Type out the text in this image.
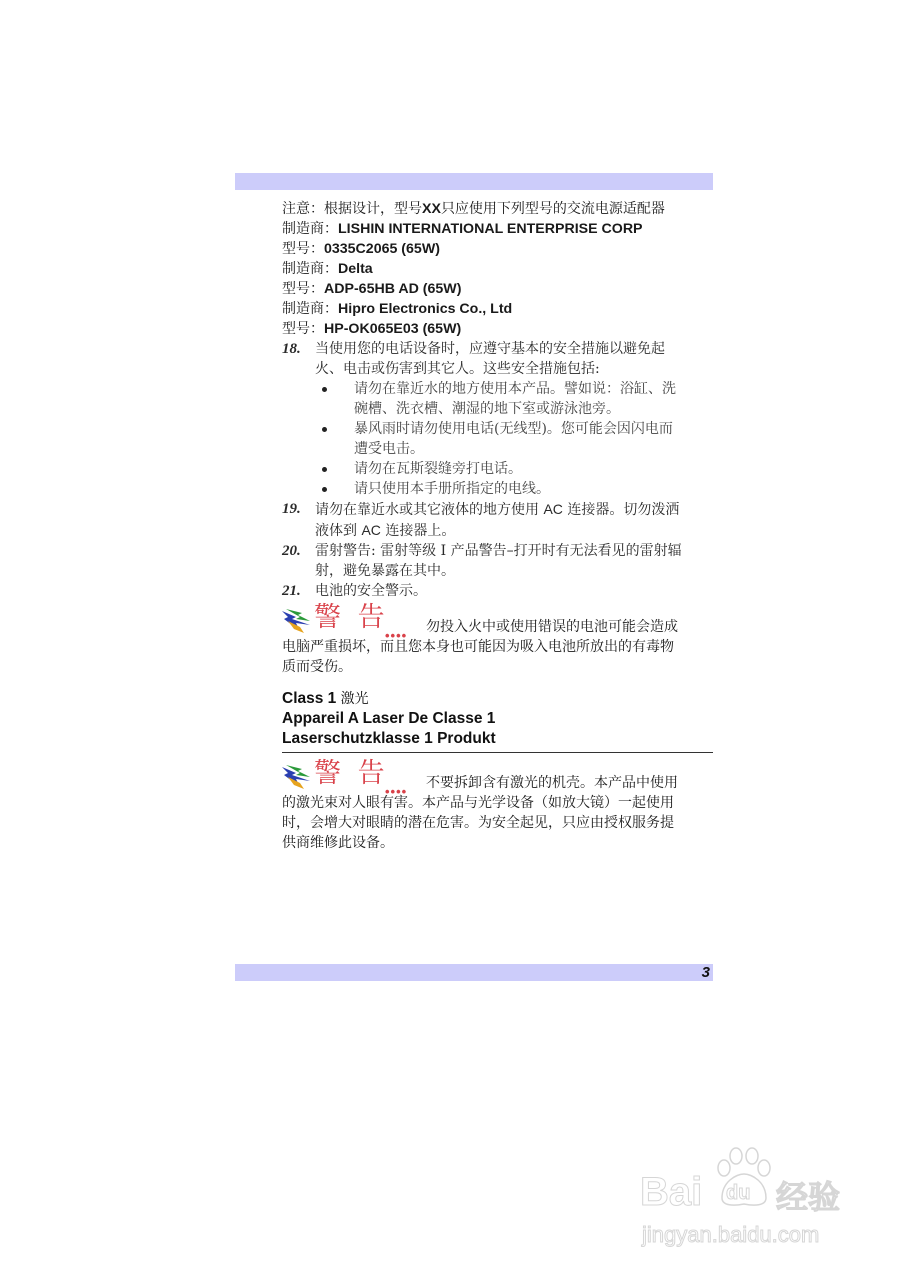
注意：根据设计，型号XX只应使用下列型号的交流电源适配器
制造商：LISHIN INTERNATIONAL ENTERPRISE CORP
型号：0335C2065 (65W)
制造商：Delta
型号：ADP-65HB AD (65W)
制造商：Hipro Electronics Co., Ltd
型号：HP-OK065E03 (65W)
18. 当使用您的电话设备时，应遵守基本的安全措施以避免起
火、电击或伤害到其它人。这些安全措施包括:
请勿在靠近水的地方使用本产品。譬如说：浴缸、洗
碗槽、洗衣槽、潮湿的地下室或游泳池旁。
暴风雨时请勿使用电话(无线型)。您可能会因闪电而
遭受电击。
请勿在瓦斯裂缝旁打电话。
请只使用本手册所指定的电线。
19. 请勿在靠近水或其它液体的地方使用 AC 连接器。切勿泼洒
液体到 AC 连接器上。
20. 雷射警告: 雷射等级 I 产品警告–打开时有无法看见的雷射辐
射，避免暴露在其中。
21. 电池的安全警示。
警 告
••••
勿投入火中或使用错误的电池可能会造成
电脑严重损坏，而且您本身也可能因为吸入电池所放出的有毒物
质而受伤。
Class 1 激光
Appareil A Laser De Classe 1
Laserschutzklasse 1 Produkt
警 告
••••
不要拆卸含有激光的机壳。本产品中使用
的激光束对人眼有害。本产品与光学设备（如放大镜）一起使用
时，会增大对眼睛的潜在危害。为安全起见，只应由授权服务提
供商维修此设备。
3
Bai du 经验
jingyan.baidu.com
